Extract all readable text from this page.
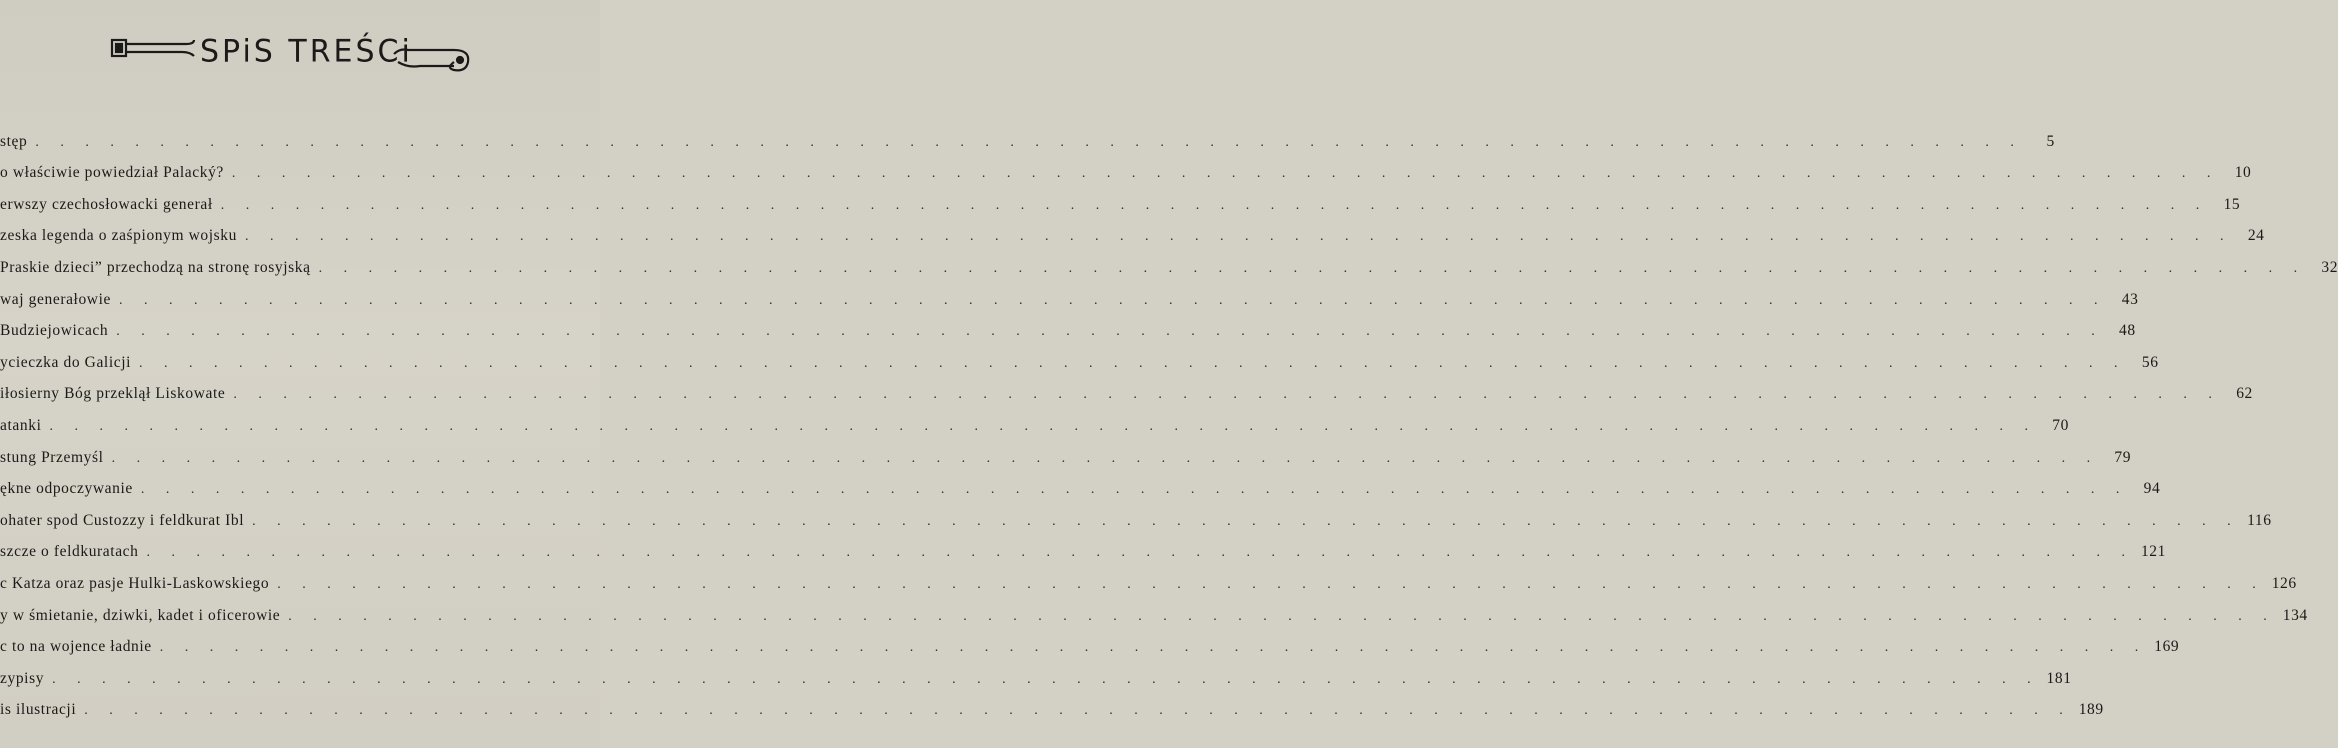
SPiS TREŚCi
stęp . . . . . . . . . . . . . . . . . . . . . . . . . . . . . . . . . . . . . . . . . . . . . . . . . . . . . . . . . . . . . . . . . . . . . . . . . . . . . . . .	5
o właściwie powiedział Palacký? . . . . . . . . . . . . . . . . . . . . . . . . . . . . . . . . . . . . . . . . . . . . . . . . . . . . . . . . . . . . . . . . . . . . . . . . . . . . . . . . 10
erwszy czechosłowacki generał . . . . . . . . . . . . . . . . . . . . . . . . . . . . . . . . . . . . . . . . . . . . . . . . . . . . . . . . . . . . . . . . . . . . . . . . . . . . . . . . 15
zeska legenda o zaśpionym wojsku . . . . . . . . . . . . . . . . . . . . . . . . . . . . . . . . . . . . . . . . . . . . . . . . . . . . . . . . . . . . . . . . . . . . . . . . . . . . . . . . 24
Praskie dzieci” przechodzą na stronę rosyjską . . . . . . . . . . . . . . . . . . . . . . . . . . . . . . . . . . . . . . . . . . . . . . . . . . . . . . . . . . . . . . . . . . . . . . . . . . . . . . . . 32
waj generałowie . . . . . . . . . . . . . . . . . . . . . . . . . . . . . . . . . . . . . . . . . . . . . . . . . . . . . . . . . . . . . . . . . . . . . . . . . . . . . . . . 43
Budziejowicach . . . . . . . . . . . . . . . . . . . . . . . . . . . . . . . . . . . . . . . . . . . . . . . . . . . . . . . . . . . . . . . . . . . . . . . . . . . . . . . . 48
ycieczka do Galicji . . . . . . . . . . . . . . . . . . . . . . . . . . . . . . . . . . . . . . . . . . . . . . . . . . . . . . . . . . . . . . . . . . . . . . . . . . . . . . . . 56
iłosierny Bóg przeklął Liskowate . . . . . . . . . . . . . . . . . . . . . . . . . . . . . . . . . . . . . . . . . . . . . . . . . . . . . . . . . . . . . . . . . . . . . . . . . . . . . . . . 62
atanki . . . . . . . . . . . . . . . . . . . . . . . . . . . . . . . . . . . . . . . . . . . . . . . . . . . . . . . . . . . . . . . . . . . . . . . . . . . . . . . . 70
stung Przemyśl . . . . . . . . . . . . . . . . . . . . . . . . . . . . . . . . . . . . . . . . . . . . . . . . . . . . . . . . . . . . . . . . . . . . . . . . . . . . . . . . 79
ękne odpoczywanie . . . . . . . . . . . . . . . . . . . . . . . . . . . . . . . . . . . . . . . . . . . . . . . . . . . . . . . . . . . . . . . . . . . . . . . . . . . . . . . . 94
ohater spod Custozzy i feldkurat Ibl . . . . . . . . . . . . . . . . . . . . . . . . . . . . . . . . . . . . . . . . . . . . . . . . . . . . . . . . . . . . . . . . . . . . . . . . . . . . . . . . 116
szcze o feldkuratach . . . . . . . . . . . . . . . . . . . . . . . . . . . . . . . . . . . . . . . . . . . . . . . . . . . . . . . . . . . . . . . . . . . . . . . . . . . . . . . . 121
c Katza oraz pasje Hulki-Laskowskiego . . . . . . . . . . . . . . . . . . . . . . . . . . . . . . . . . . . . . . . . . . . . . . . . . . . . . . . . . . . . . . . . . . . . . . . . . . . . . . . . 126
y w śmietanie, dziwki, kadet i oficerowie . . . . . . . . . . . . . . . . . . . . . . . . . . . . . . . . . . . . . . . . . . . . . . . . . . . . . . . . . . . . . . . . . . . . . . . . . . . . . . . . 134
c to na wojence ładnie . . . . . . . . . . . . . . . . . . . . . . . . . . . . . . . . . . . . . . . . . . . . . . . . . . . . . . . . . . . . . . . . . . . . . . . . . . . . . . . . 169
zypisy . . . . . . . . . . . . . . . . . . . . . . . . . . . . . . . . . . . . . . . . . . . . . . . . . . . . . . . . . . . . . . . . . . . . . . . . . . . . . . . . 181
is ilustracji . . . . . . . . . . . . . . . . . . . . . . . . . . . . . . . . . . . . . . . . . . . . . . . . . . . . . . . . . . . . . . . . . . . . . . . . . . . . . . . . 189
